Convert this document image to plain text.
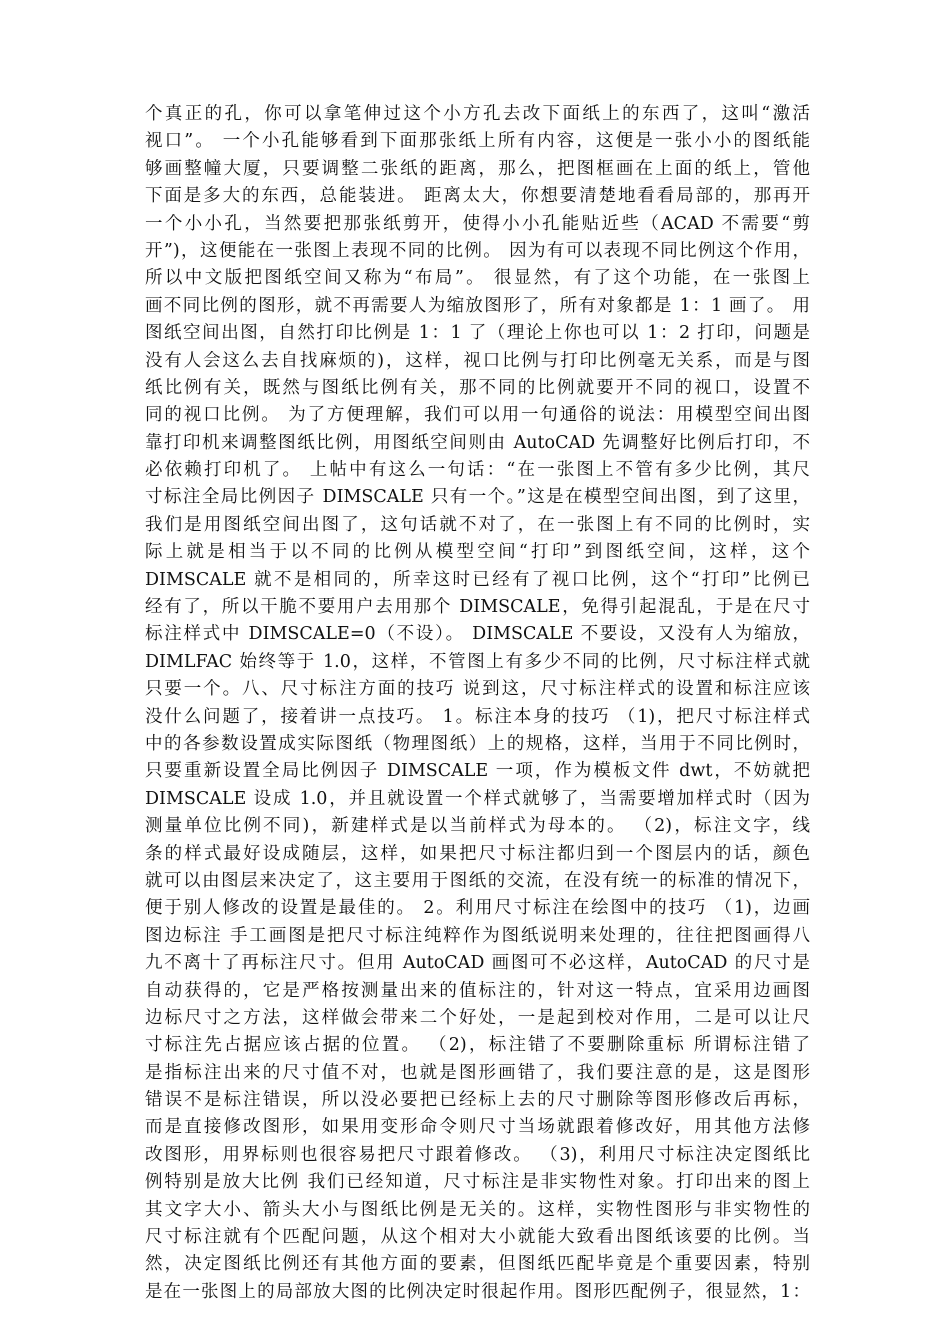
个真正的孔，你可以拿笔伸过这个小方孔去改下面纸上的东西了，这叫“激活
视口”。 一个小孔能够看到下面那张纸上所有内容，这便是一张小小的图纸能
够画整幢大厦，只要调整二张纸的距离，那么，把图框画在上面的纸上，管他
下面是多大的东西，总能装进。 距离太大，你想要清楚地看看局部的，那再开
一个小小孔，当然要把那张纸剪开，使得小小孔能贴近些（ACAD 不需要“剪
开”)，这便能在一张图上表现不同的比例。 因为有可以表现不同比例这个作用，
所以中文版把图纸空间又称为“布局”。 很显然，有了这个功能，在一张图上
画不同比例的图形，就不再需要人为缩放图形了，所有对象都是 1：1 画了。 用
图纸空间出图，自然打印比例是 1：1 了（理论上你也可以 1：2 打印，问题是
没有人会这么去自找麻烦的)，这样，视口比例与打印比例毫无关系，而是与图
纸比例有关，既然与图纸比例有关，那不同的比例就要开不同的视口，设置不
同的视口比例。 为了方便理解，我们可以用一句通俗的说法：用模型空间出图
靠打印机来调整图纸比例，用图纸空间则由 AutoCAD 先调整好比例后打印，不
必依赖打印机了。 上帖中有这么一句话：“在一张图上不管有多少比例，其尺
寸标注全局比例因子 DIMSCALE 只有一个。”这是在模型空间出图，到了这里，
我们是用图纸空间出图了，这句话就不对了，在一张图上有不同的比例时，实
际上就是相当于以不同的比例从模型空间“打印”到图纸空间，这样，这个
DIMSCALE 就不是相同的，所幸这时已经有了视口比例，这个“打印”比例已
经有了，所以干脆不要用户去用那个 DIMSCALE，免得引起混乱，于是在尺寸
标注样式中 DIMSCALE=0（不设）。 DIMSCALE 不要设，又没有人为缩放，
DIMLFAC 始终等于 1.0，这样，不管图上有多少不同的比例，尺寸标注样式就
只要一个。八、尺寸标注方面的技巧 说到这，尺寸标注样式的设置和标注应该
没什么问题了，接着讲一点技巧。 1。标注本身的技巧 （1)，把尺寸标注样式
中的各参数设置成实际图纸（物理图纸）上的规格，这样，当用于不同比例时，
只要重新设置全局比例因子 DIMSCALE 一项，作为模板文件 dwt，不妨就把
DIMSCALE 设成 1.0，并且就设置一个样式就够了，当需要增加样式时（因为
测量单位比例不同)，新建样式是以当前样式为母本的。 （2)，标注文字，线
条的样式最好设成随层，这样，如果把尺寸标注都归到一个图层内的话，颜色
就可以由图层来决定了，这主要用于图纸的交流，在没有统一的标准的情况下，
便于别人修改的设置是最佳的。 2。利用尺寸标注在绘图中的技巧 （1)，边画
图边标注 手工画图是把尺寸标注纯粹作为图纸说明来处理的，往往把图画得八
九不离十了再标注尺寸。但用 AutoCAD 画图可不必这样，AutoCAD 的尺寸是
自动获得的，它是严格按测量出来的值标注的，针对这一特点，宜采用边画图
边标尺寸之方法，这样做会带来二个好处，一是起到校对作用，二是可以让尺
寸标注先占据应该占据的位置。 （2)，标注错了不要删除重标 所谓标注错了
是指标注出来的尺寸值不对，也就是图形画错了，我们要注意的是，这是图形
错误不是标注错误，所以没必要把已经标上去的尺寸删除等图形修改后再标，
而是直接修改图形，如果用变形命令则尺寸当场就跟着修改好，用其他方法修
改图形，用界标则也很容易把尺寸跟着修改。 （3)，利用尺寸标注决定图纸比
例特别是放大比例 我们已经知道，尺寸标注是非实物性对象。打印出来的图上
其文字大小、箭头大小与图纸比例是无关的。这样，实物性图形与非实物性的
尺寸标注就有个匹配问题，从这个相对大小就能大致看出图纸该要的比例。当
然，决定图纸比例还有其他方面的要素，但图纸匹配毕竟是个重要因素，特别
是在一张图上的局部放大图的比例决定时很起作用。图形匹配例子，很显然，1：
